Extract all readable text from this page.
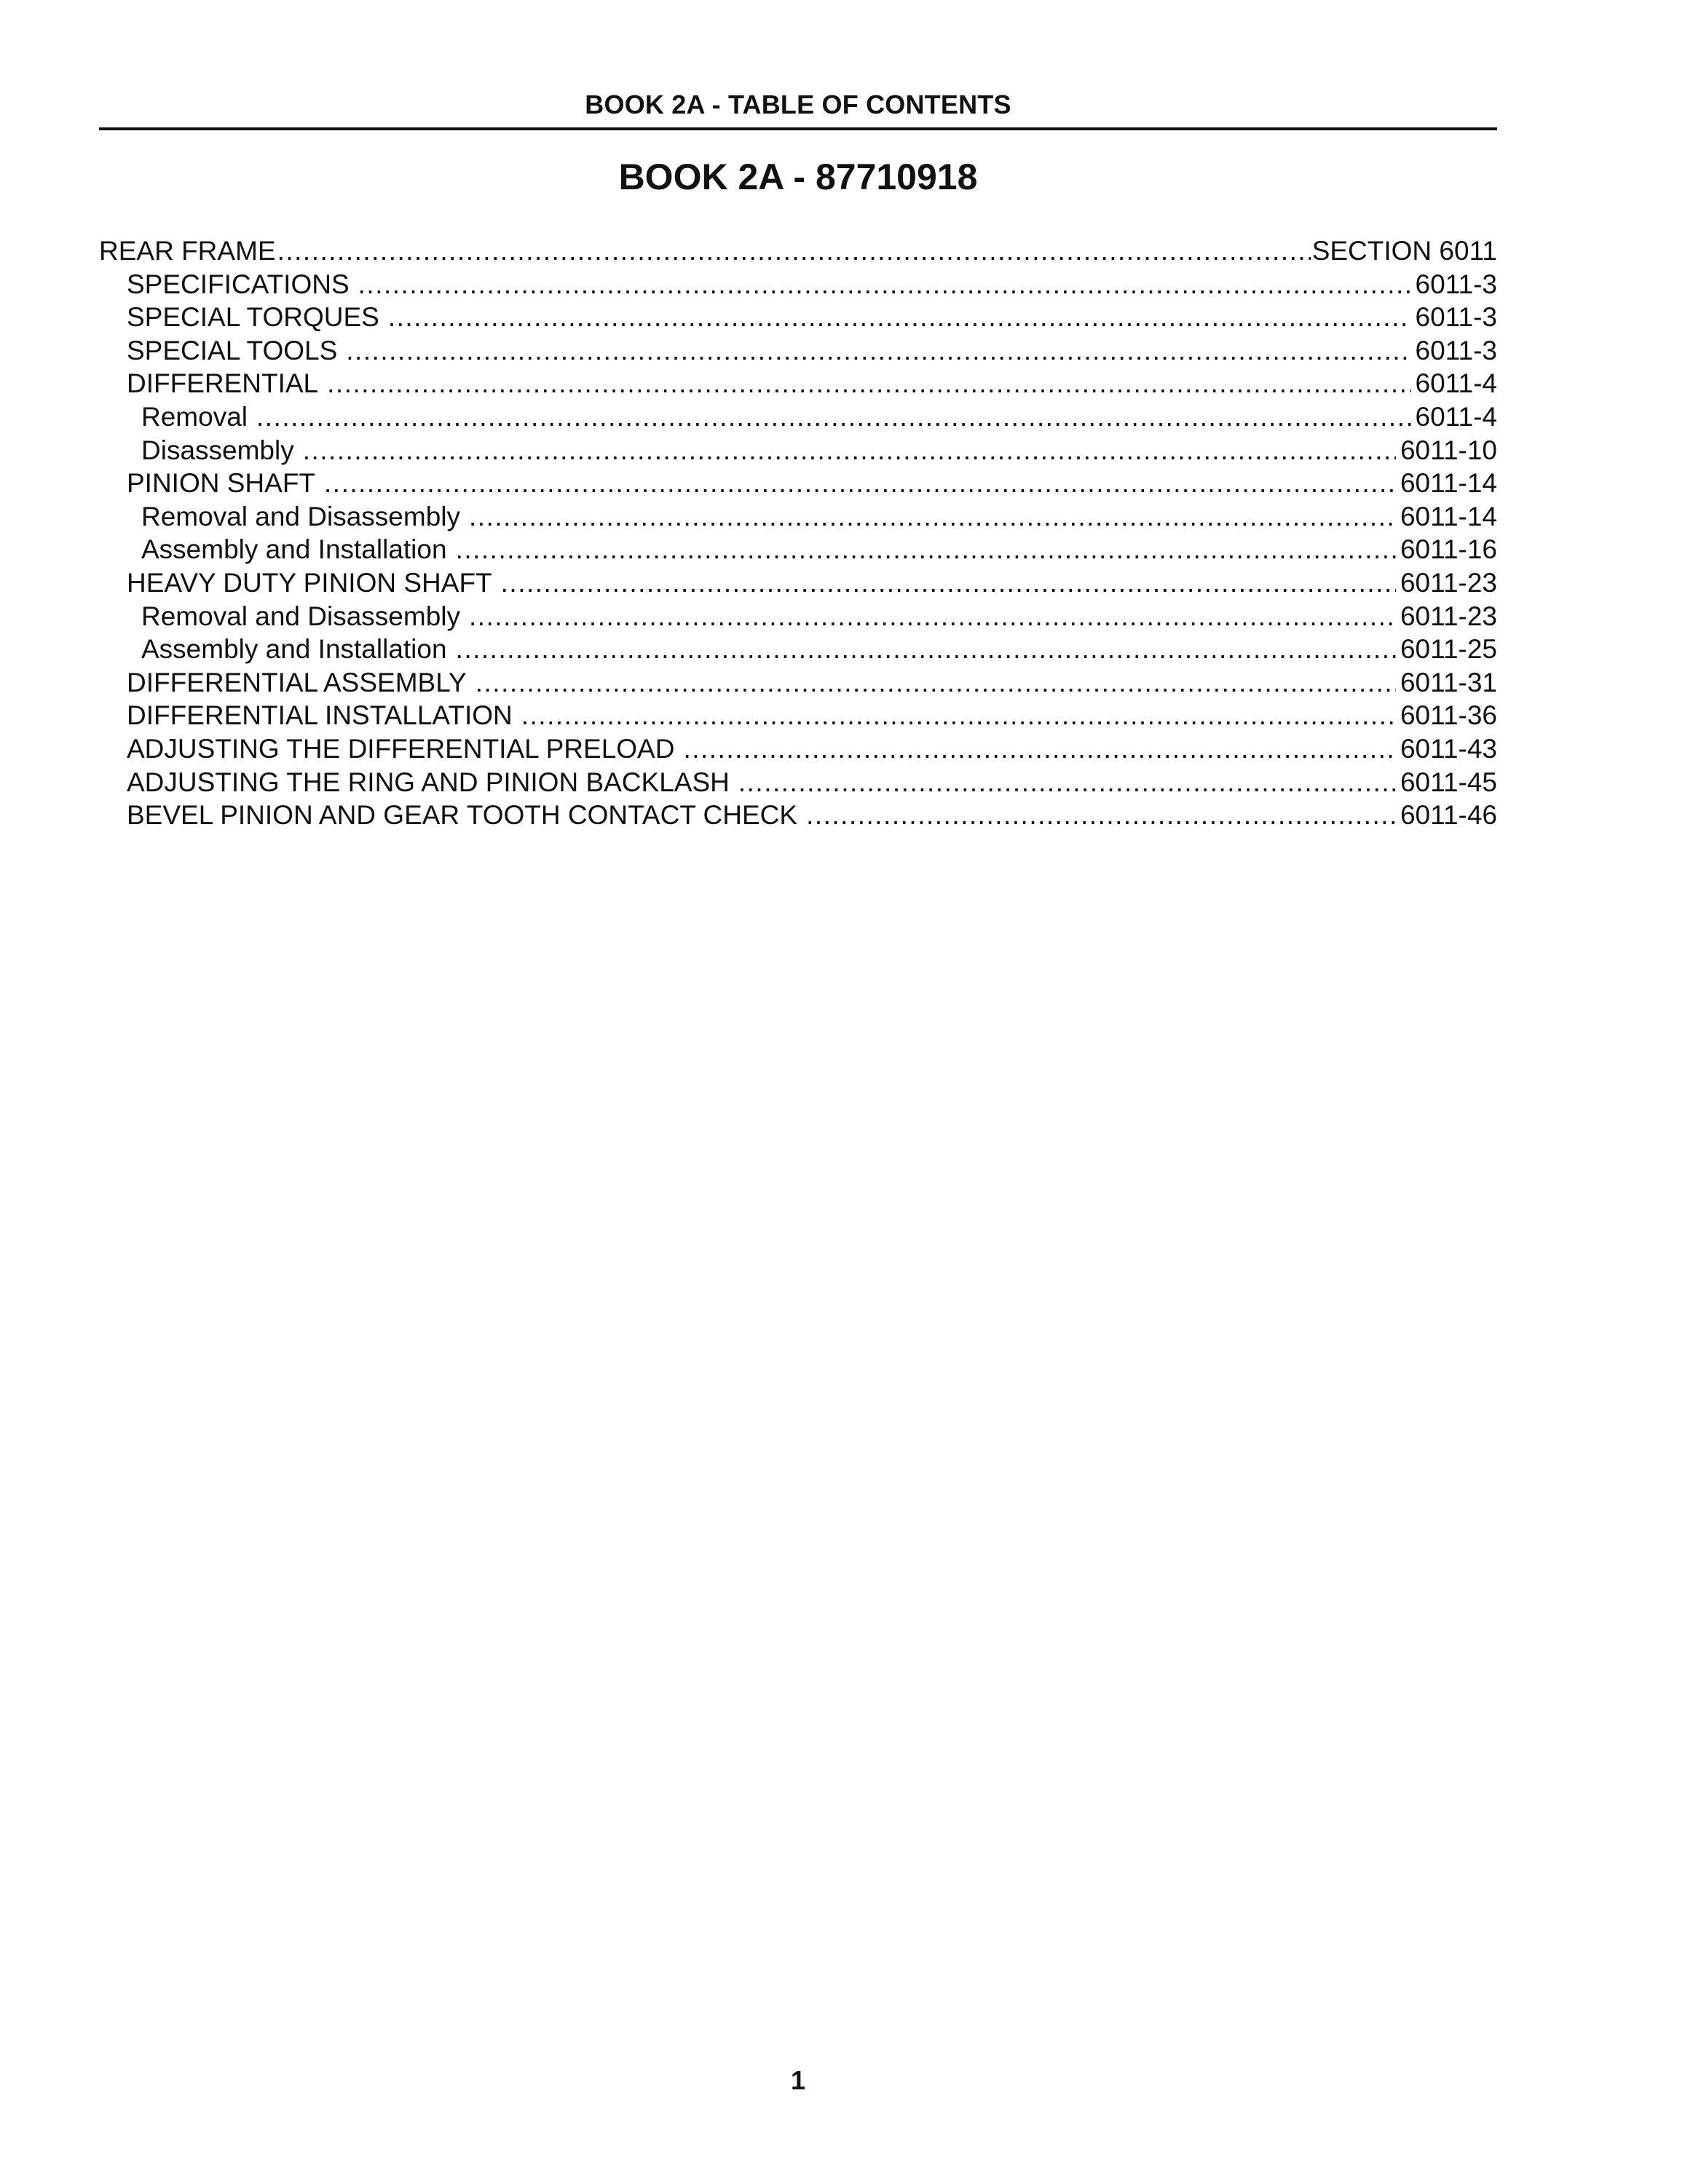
BOOK 2A - TABLE OF CONTENTS
BOOK 2A - 87710918
REAR FRAME .....	SECTION 6011
SPECIFICATIONS .....	6011-3
SPECIAL TORQUES .....	6011-3
SPECIAL TOOLS .....	6011-3
DIFFERENTIAL .....	6011-4
Removal .....	6011-4
Disassembly .....	6011-10
PINION SHAFT .....	6011-14
Removal and Disassembly .....	6011-14
Assembly and Installation .....	6011-16
HEAVY DUTY PINION SHAFT .....	6011-23
Removal and Disassembly .....	6011-23
Assembly and Installation .....	6011-25
DIFFERENTIAL ASSEMBLY .....	6011-31
DIFFERENTIAL INSTALLATION .....	6011-36
ADJUSTING THE DIFFERENTIAL PRELOAD .....	6011-43
ADJUSTING THE RING AND PINION BACKLASH .....	6011-45
BEVEL PINION AND GEAR TOOTH CONTACT CHECK .....	6011-46
1
